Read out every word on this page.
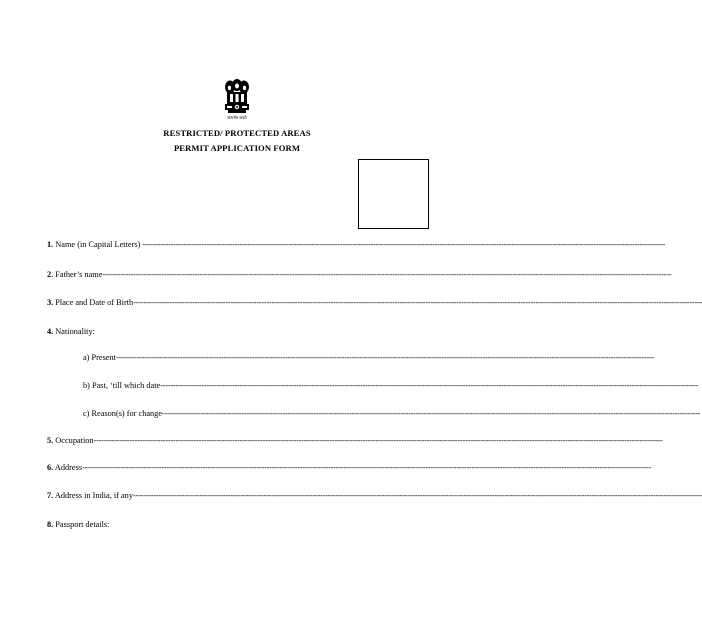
सत्यमेव जयते
RESTRICTED/ PROTECTED AREAS
PERMIT APPLICATION FORM
1. Name (in Capital Letters) ------------------------------------------------------------------------------------------------------------------------------------------------------------------------------------------------------------
2. Father’s name------------------------------------------------------------------------------------------------------------------------------------------------------------------------------------------------------------------------------
3. Place and Date of Birth------------------------------------------------------------------------------------------------------------------------------------------------------------------------------------------------------------------------------
4. Nationality:
a) Present------------------------------------------------------------------------------------------------------------------------------------------------------------------------------------------------------------------
b) Past, ‘till which date------------------------------------------------------------------------------------------------------------------------------------------------------------------------------------------------------------------
c) Reason(s) for change------------------------------------------------------------------------------------------------------------------------------------------------------------------------------------------------------------------
5. Occupation------------------------------------------------------------------------------------------------------------------------------------------------------------------------------------------------------------------------------
6. Address------------------------------------------------------------------------------------------------------------------------------------------------------------------------------------------------------------------------------
7. Address in India, if any------------------------------------------------------------------------------------------------------------------------------------------------------------------------------------------------------------------------------
8. Passport details:
